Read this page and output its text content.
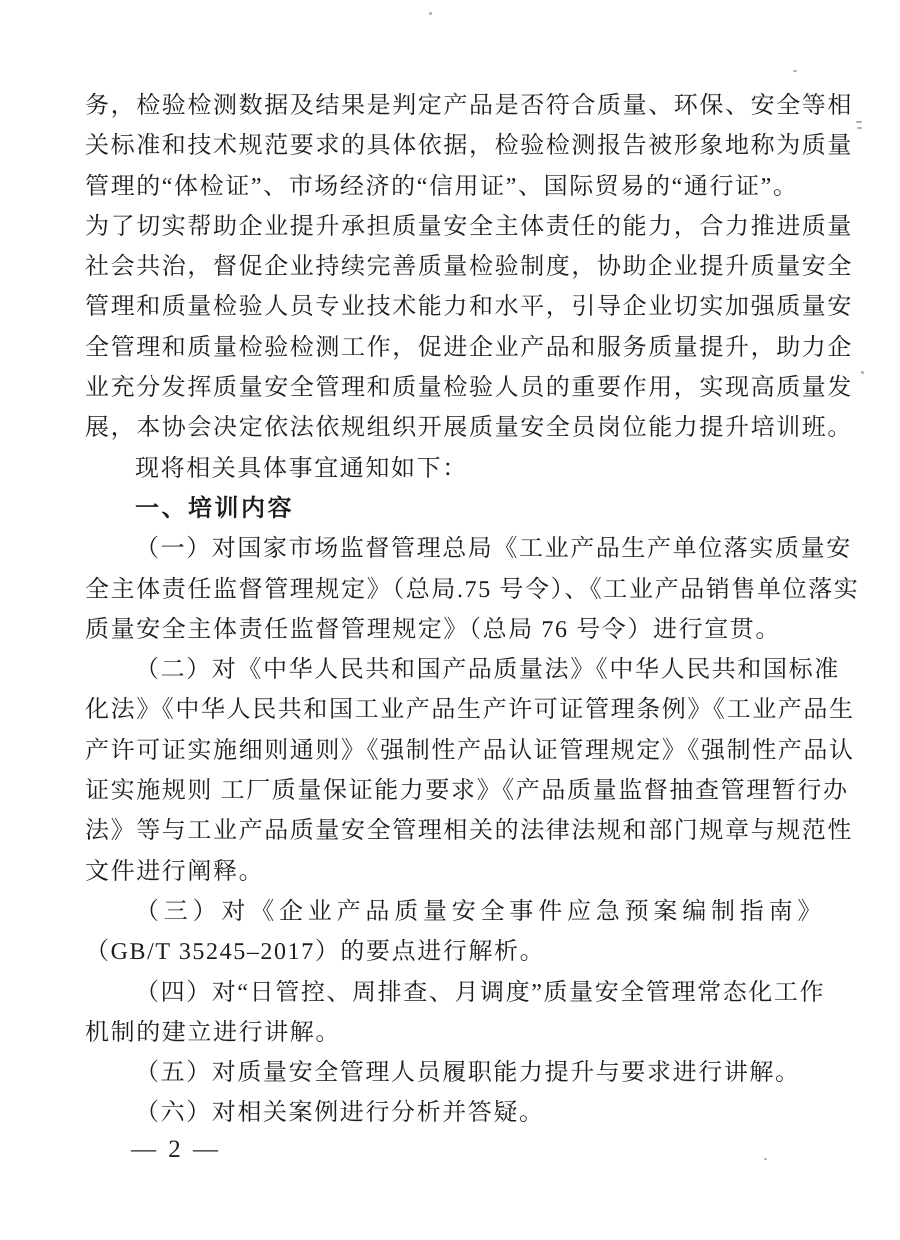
务，检验检测数据及结果是判定产品是否符合质量、环保、安全等相
关标准和技术规范要求的具体依据，检验检测报告被形象地称为质量
管理的“体检证”、市场经济的“信用证”、国际贸易的“通行证”。
为了切实帮助企业提升承担质量安全主体责任的能力，合力推进质量
社会共治，督促企业持续完善质量检验制度，协助企业提升质量安全
管理和质量检验人员专业技术能力和水平，引导企业切实加强质量安
全管理和质量检验检测工作，促进企业产品和服务质量提升，助力企
业充分发挥质量安全管理和质量检验人员的重要作用，实现高质量发
展，本协会决定依法依规组织开展质量安全员岗位能力提升培训班。
现将相关具体事宜通知如下：
一、培训内容
（一）对国家市场监督管理总局《工业产品生产单位落实质量安
全主体责任监督管理规定》（总局.75 号令）、《工业产品销售单位落实
质量安全主体责任监督管理规定》（总局 76 号令）进行宣贯。
（二）对《中华人民共和国产品质量法》《中华人民共和国标准
化法》《中华人民共和国工业产品生产许可证管理条例》《工业产品生
产许可证实施细则通则》《强制性产品认证管理规定》《强制性产品认
证实施规则 工厂质量保证能力要求》《产品质量监督抽查管理暂行办
法》等与工业产品质量安全管理相关的法律法规和部门规章与规范性
文件进行阐释。
（三）对《企业产品质量安全事件应急预案编制指南》
（GB/T 35245–2017）的要点进行解析。
（四）对“日管控、周排查、月调度”质量安全管理常态化工作
机制的建立进行讲解。
（五）对质量安全管理人员履职能力提升与要求进行讲解。
（六）对相关案例进行分析并答疑。
— 2 —
